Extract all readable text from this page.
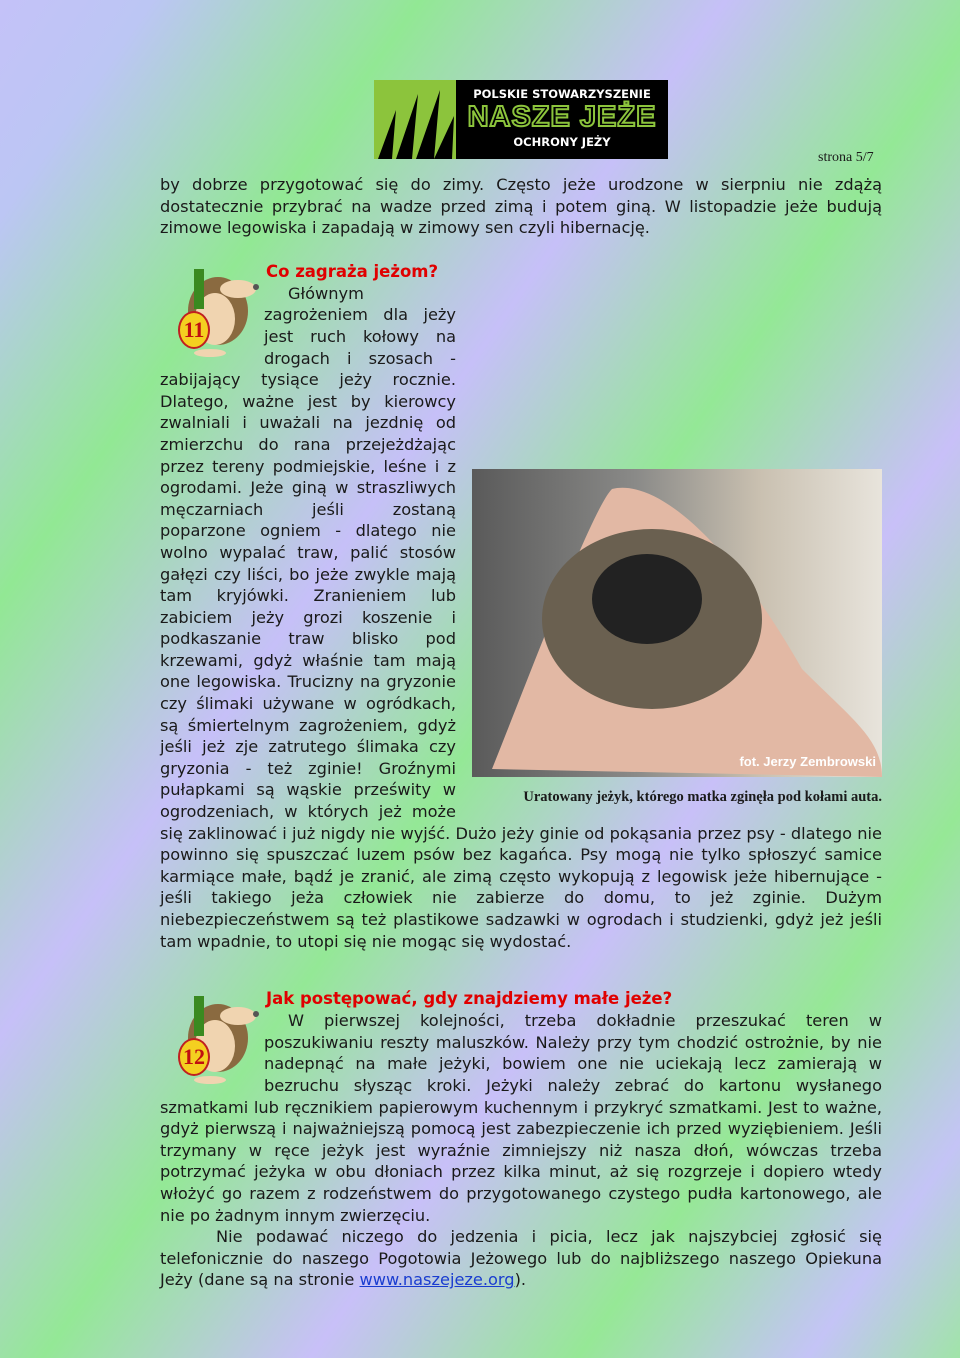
POLSKIE STOWARZYSZENIE
NASZE JEŻE
OCHRONY JEŻY
strona 5/7

by dobrze przygotować się do zimy. Często jeże urodzone w sierpniu nie zdążą dostatecznie przybrać na wadze przed zimą i potem giną. W listopadzie jeże budują zimowe legowiska i zapadają w zimowy sen czyli hibernację.

11
Co zagraża jeżom?
fot. Jerzy Zembrowski
Uratowany jeżyk, którego matka zginęła pod kołami auta.

Głównym zagrożeniem dla jeży jest ruch kołowy na drogach i szosach - zabijający tysiące jeży rocznie. Dlatego, ważne jest by kierowcy zwalniali i uważali na jezdnię od zmierzchu do rana przejeżdżając przez tereny podmiejskie, leśne i z ogrodami. Jeże giną w straszliwych męczarniach jeśli zostaną poparzone ogniem - dlatego nie wolno wypalać traw, palić stosów gałęzi czy liści, bo jeże zwykle mają tam kryjówki. Zranieniem lub zabiciem jeży grozi koszenie i podkaszanie traw blisko pod krzewami, gdyż właśnie tam mają one legowiska. Trucizny na gryzonie czy ślimaki używane w ogródkach, są śmiertelnym zagrożeniem, gdyż jeśli jeż zje zatrutego ślimaka czy gryzonia - też zginie! Groźnymi pułapkami są wąskie prześwity w ogrodzeniach, w których jeż może się zaklinować i już nigdy nie wyjść. Dużo jeży ginie od pokąsania przez psy - dlatego nie powinno się spuszczać luzem psów bez kagańca. Psy mogą nie tylko spłoszyć samice karmiące małe, bądź je zranić, ale zimą często wykopują z legowisk jeże hibernujące - jeśli takiego jeża człowiek nie zabierze do domu, to jeż zginie. Dużym niebezpieczeństwem są też plastikowe sadzawki w ogrodach i studzienki, gdyż jeż jeśli tam wpadnie, to utopi się nie mogąc się wydostać.

12
Jak postępować, gdy znajdziemy małe jeże?

W pierwszej kolejności, trzeba dokładnie przeszukać teren w poszukiwaniu reszty maluszków. Należy przy tym chodzić ostrożnie, by nie nadepnąć na małe jeżyki, bowiem one nie uciekają lecz zamierają w bezruchu słysząc kroki. Jeżyki należy zebrać do kartonu wysłanego szmatkami lub ręcznikiem papierowym kuchennym i przykryć szmatkami. Jest to ważne, gdyż pierwszą i najważniejszą pomocą jest zabezpieczenie ich przed wyziębieniem. Jeśli trzymany w ręce jeżyk jest wyraźnie zimniejszy niż nasza dłoń, wówczas trzeba potrzymać jeżyka w obu dłoniach przez kilka minut, aż się rozgrzeje i dopiero wtedy włożyć go razem z rodzeństwem do przygotowanego czystego pudła kartonowego, ale nie po żadnym innym zwierzęciu.

Nie podawać niczego do jedzenia i picia, lecz jak najszybciej zgłosić się telefonicznie do naszego Pogotowia Jeżowego lub do najbliższego naszego Opiekuna Jeży (dane są na stronie www.naszejeze.org).
